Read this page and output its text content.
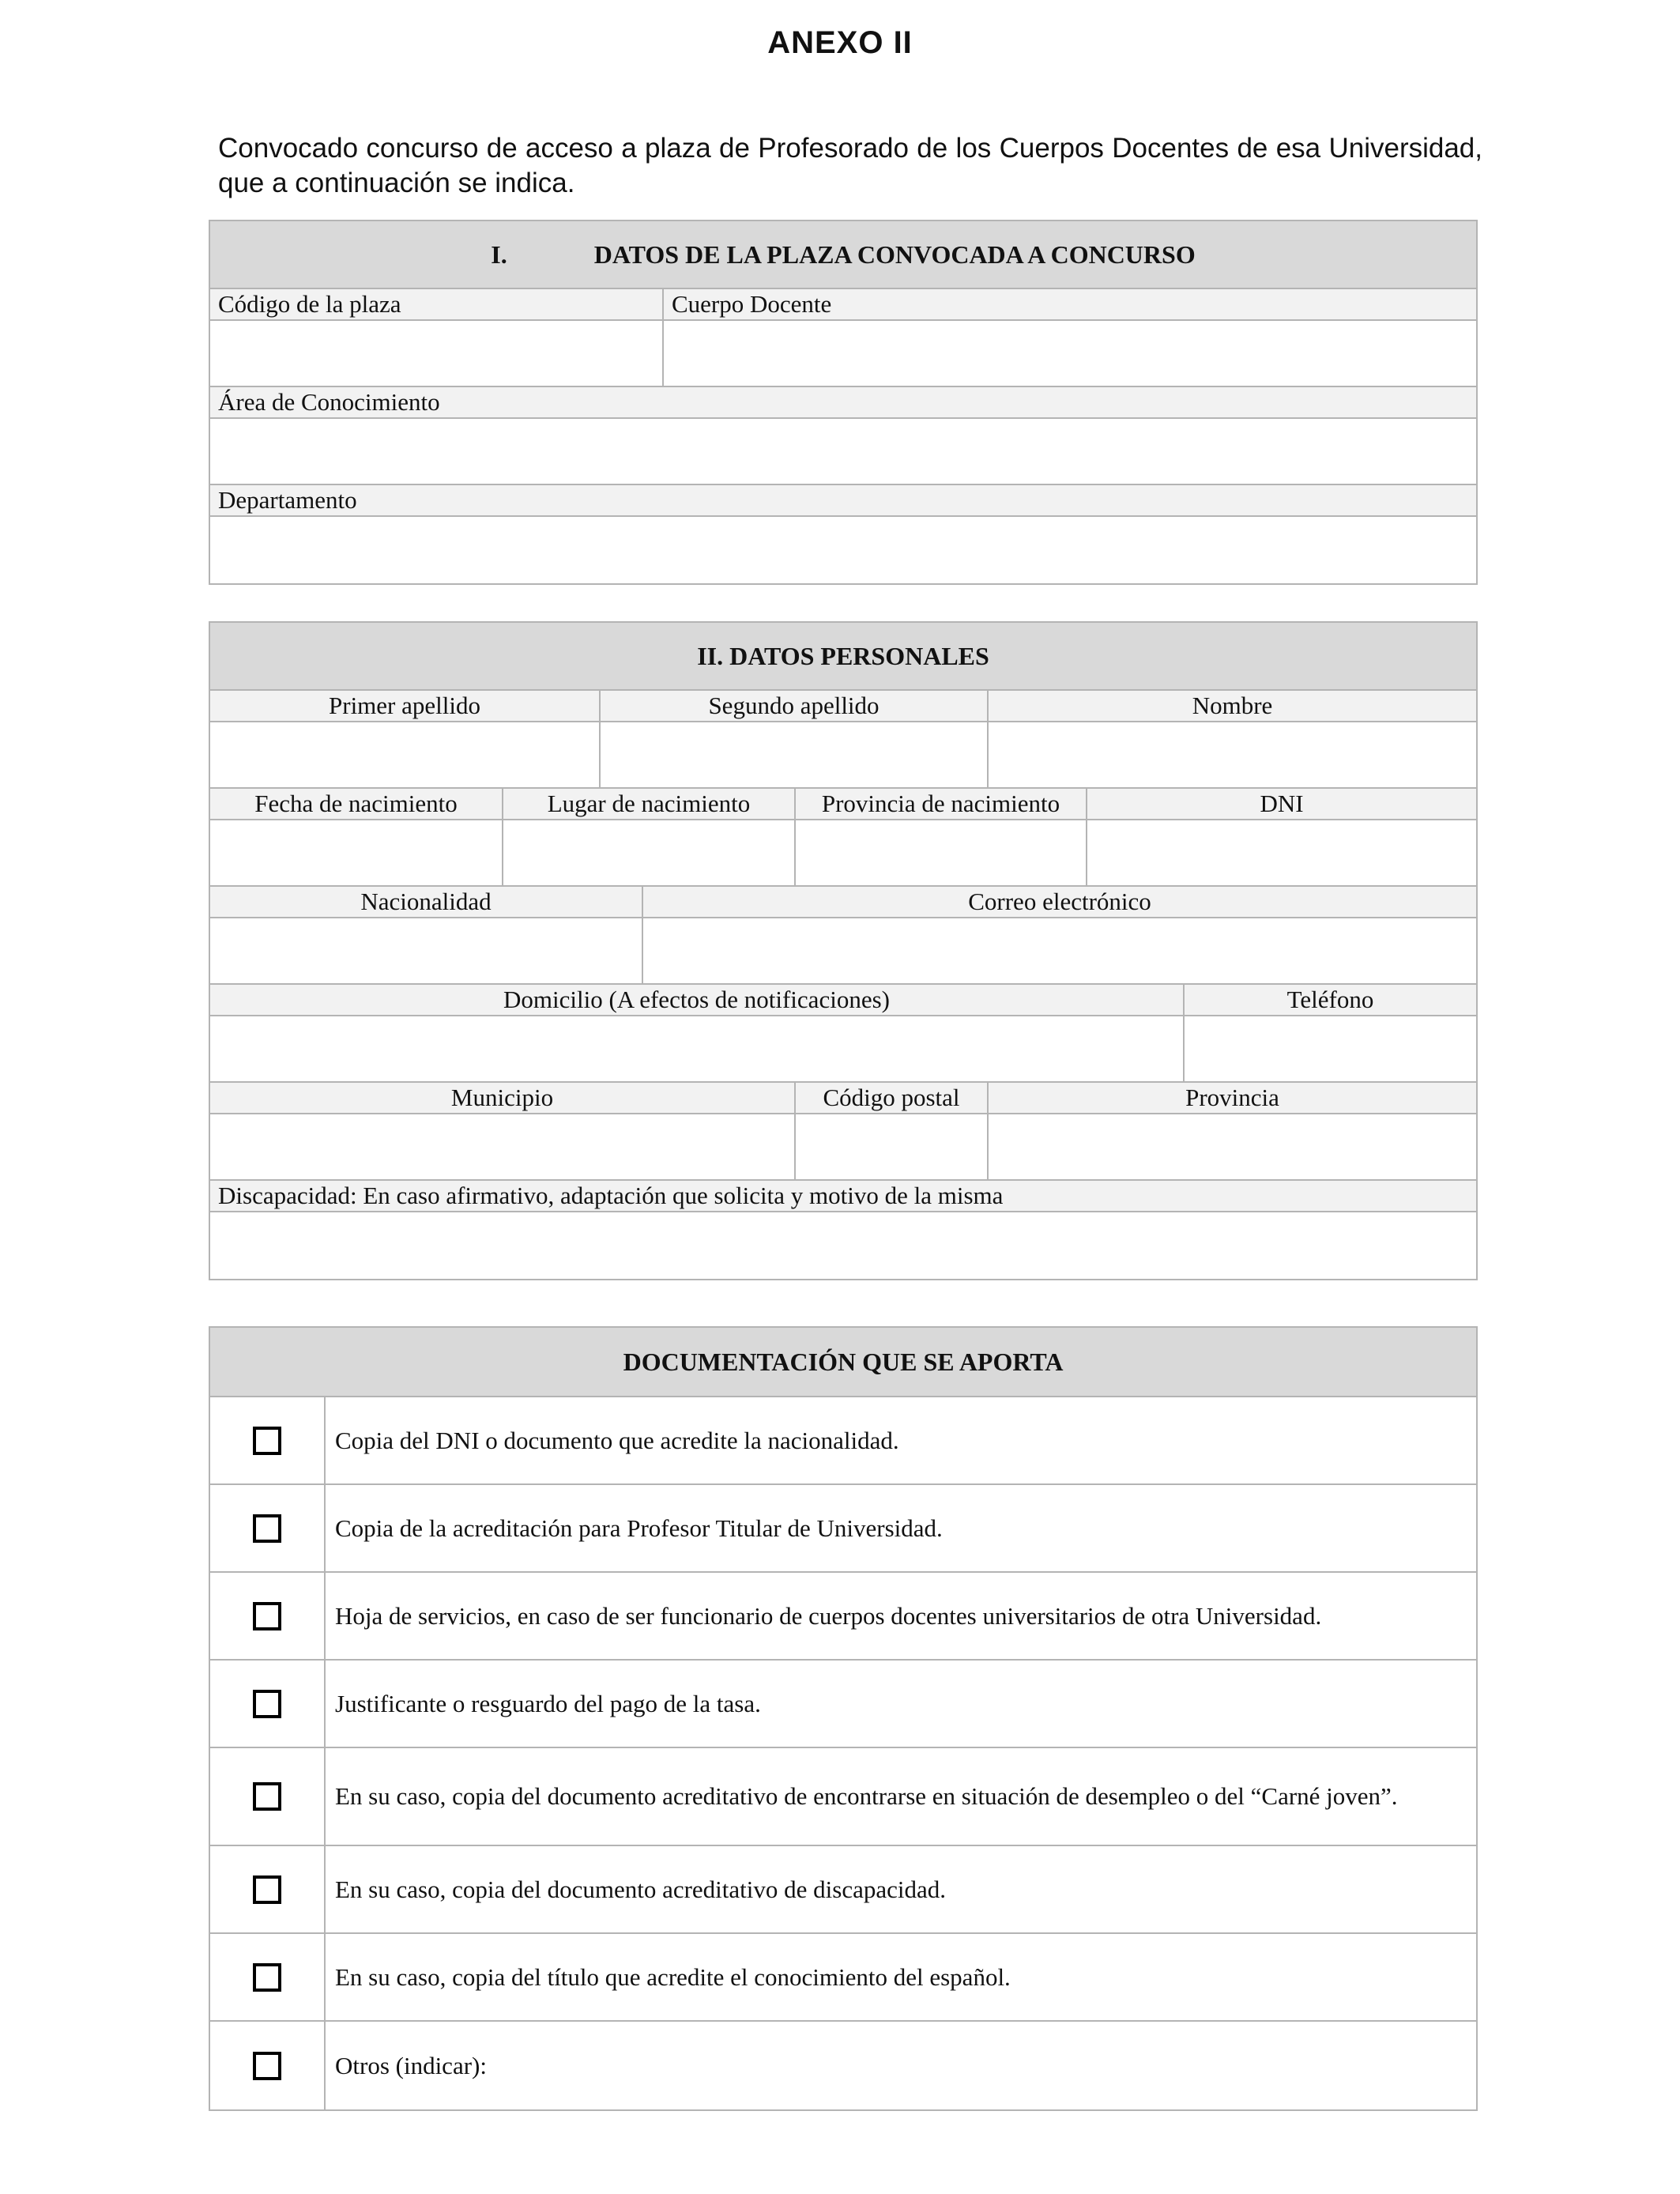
ANEXO II
Convocado concurso de acceso a plaza de Profesorado de los Cuerpos Docentes de esa Universidad, que a continuación se indica.
I.	DATOS DE LA PLAZA CONVOCADA A CONCURSO
Código de la plaza	Cuerpo Docente
Área de Conocimiento
Departamento
II. DATOS PERSONALES
Primer apellido	Segundo apellido	Nombre
Fecha de nacimiento	Lugar de nacimiento	Provincia de nacimiento	DNI
Nacionalidad	Correo electrónico
Domicilio (A efectos de notificaciones)	Teléfono
Municipio	Código postal	Provincia
Discapacidad: En caso afirmativo, adaptación que solicita y motivo de la misma
DOCUMENTACIÓN QUE SE APORTA
Copia del DNI o documento que acredite la nacionalidad.
Copia de la acreditación para Profesor Titular de Universidad.
Hoja de servicios, en caso de ser funcionario de cuerpos docentes universitarios de otra Universidad.
Justificante o resguardo del pago de la tasa.
En su caso, copia del documento acreditativo de encontrarse en situación de desempleo o del “Carné joven”.
En su caso, copia del documento acreditativo de discapacidad.
En su caso, copia del título que acredite el conocimiento del español.
Otros (indicar):
